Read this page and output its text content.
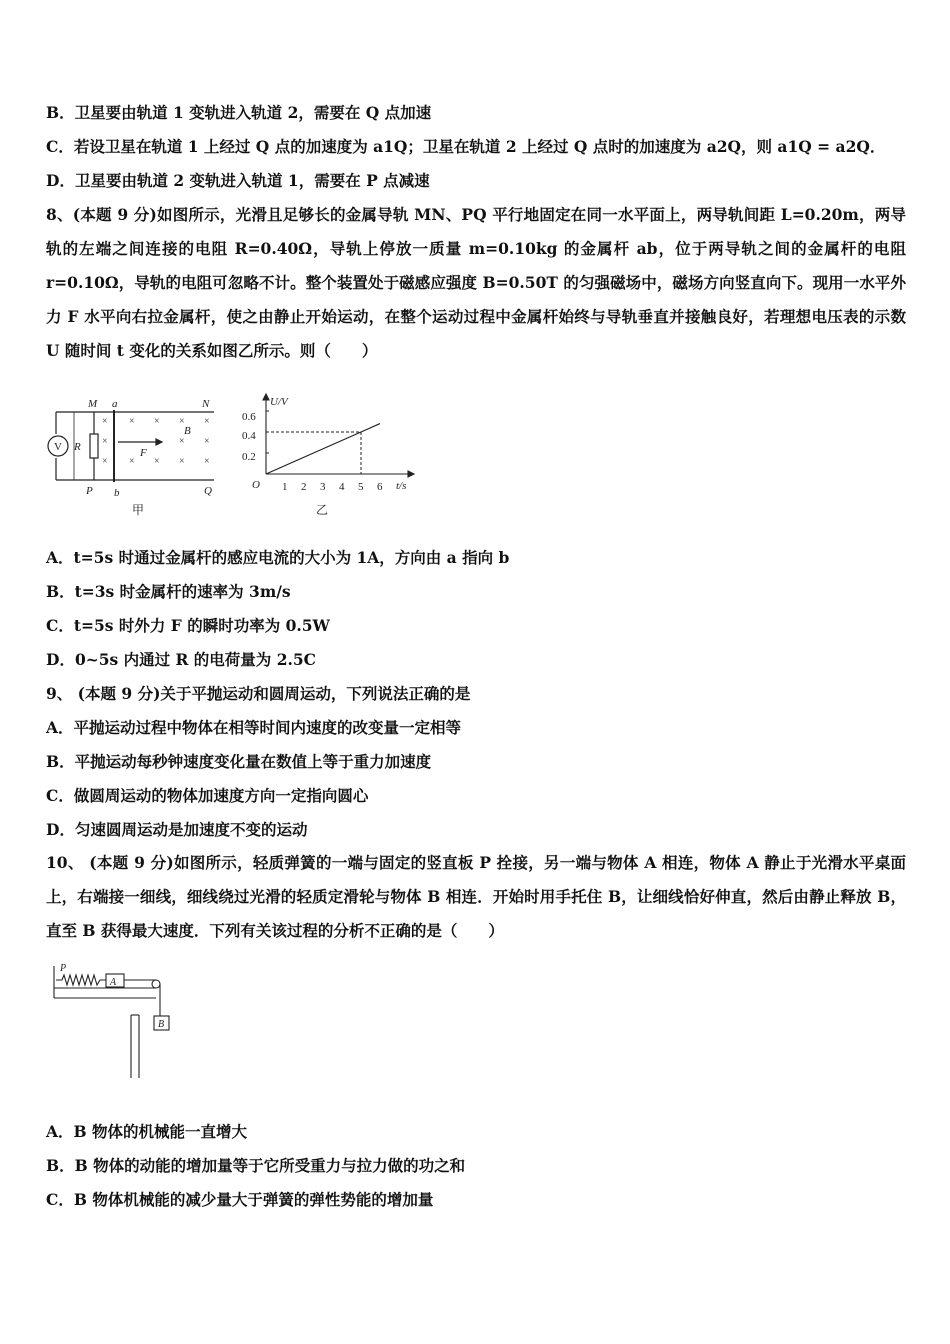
B．卫星要由轨道 1 变轨进入轨道 2，需要在 Q 点加速
C．若设卫星在轨道 1 上经过 Q 点的加速度为 a1Q；卫星在轨道 2 上经过 Q 点时的加速度为 a2Q，则 a1Q = a2Q．
D．卫星要由轨道 2 变轨进入轨道 1，需要在 P 点减速
8、(本题 9 分)如图所示，光滑且足够长的金属导轨 MN、PQ 平行地固定在同一水平面上，两导轨间距 L=0.20m，两导轨的左端之间连接的电阻 R=0.40Ω，导轨上停放一质量 m=0.10kg 的金属杆 ab，位于两导轨之间的金属杆的电阻 r=0.10Ω，导轨的电阻可忽略不计。整个装置处于磁感应强度 B=0.50T 的匀强磁场中，磁场方向竖直向下。现用一水平外力 F 水平向右拉金属杆，使之由静止开始运动，在整个运动过程中金属杆始终与导轨垂直并接触良好，若理想电压表的示数 U 随时间 t 变化的关系如图乙所示。则（　　）
V R
M a	N
B
F
P b	Q
×
×
×
×
×
×
×
×
×
×
×
×
×
甲
U/V
t/s
O
0.6
0.4
0.2
1 2 3 4 5 6
乙
A．t=5s 时通过金属杆的感应电流的大小为 1A，方向由 a 指向 b
B．t=3s 时金属杆的速率为 3m/s
C．t=5s 时外力 F 的瞬时功率为 0.5W
D．0~5s 内通过 R 的电荷量为 2.5C
9、 (本题 9 分)关于平抛运动和圆周运动，下列说法正确的是
A．平抛运动过程中物体在相等时间内速度的改变量一定相等
B．平抛运动每秒钟速度变化量在数值上等于重力加速度
C．做圆周运动的物体加速度方向一定指向圆心
D．匀速圆周运动是加速度不变的运动
10、 (本题 9 分)如图所示，轻质弹簧的一端与固定的竖直板 P 拴接，另一端与物体 A 相连，物体 A 静止于光滑水平桌面上，右端接一细线，细线绕过光滑的轻质定滑轮与物体 B 相连．开始时用手托住 B，让细线恰好伸直，然后由静止释放 B，直至 B 获得最大速度．下列有关该过程的分析不正确的是（　　）
P
A
B
A．B 物体的机械能一直增大
B．B 物体的动能的增加量等于它所受重力与拉力做的功之和
C．B 物体机械能的减少量大于弹簧的弹性势能的增加量
